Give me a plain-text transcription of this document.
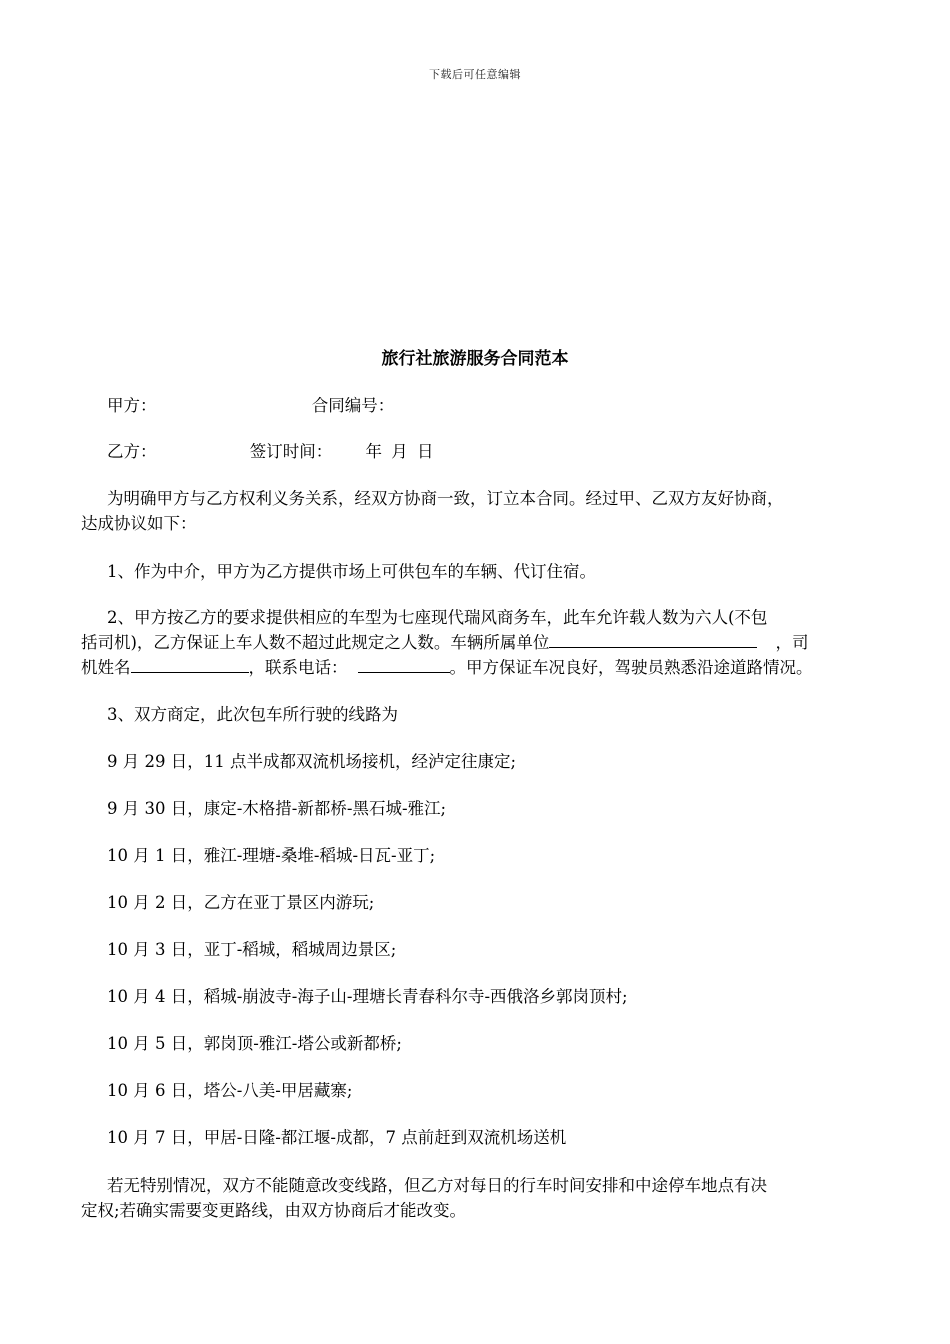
下载后可任意编辑
旅行社旅游服务合同范本
甲方：	合同编号：
乙方：	签订时间： 年 月 日
为明确甲方与乙方权利义务关系，经双方协商一致，订立本合同。经过甲、乙双方友好协商，
达成协议如下：
1、作为中介，甲方为乙方提供市场上可供包车的车辆、代订住宿。
2、甲方按乙方的要求提供相应的车型为七座现代瑞风商务车，此车允许载人数为六人(不包
括司机)，乙方保证上车人数不超过此规定之人数。车辆所属单位	，司
机姓名	，联系电话：	。甲方保证车况良好，驾驶员熟悉沿途道路情况。
3、双方商定，此次包车所行驶的线路为
9 月 29 日，11 点半成都双流机场接机，经泸定往康定;
9 月 30 日，康定-木格措-新都桥-黑石城-雅江;
10 月 1 日，雅江-理塘-桑堆-稻城-日瓦-亚丁;
10 月 2 日，乙方在亚丁景区内游玩;
10 月 3 日，亚丁-稻城，稻城周边景区;
10 月 4 日，稻城-崩波寺-海子山-理塘长青春科尔寺-西俄洛乡郭岗顶村;
10 月 5 日，郭岗顶-雅江-塔公或新都桥;
10 月 6 日，塔公-八美-甲居藏寨;
10 月 7 日，甲居-日隆-都江堰-成都，7 点前赶到双流机场送机
若无特别情况，双方不能随意改变线路，但乙方对每日的行车时间安排和中途停车地点有决
定权;若确实需要变更路线，由双方协商后才能改变。
